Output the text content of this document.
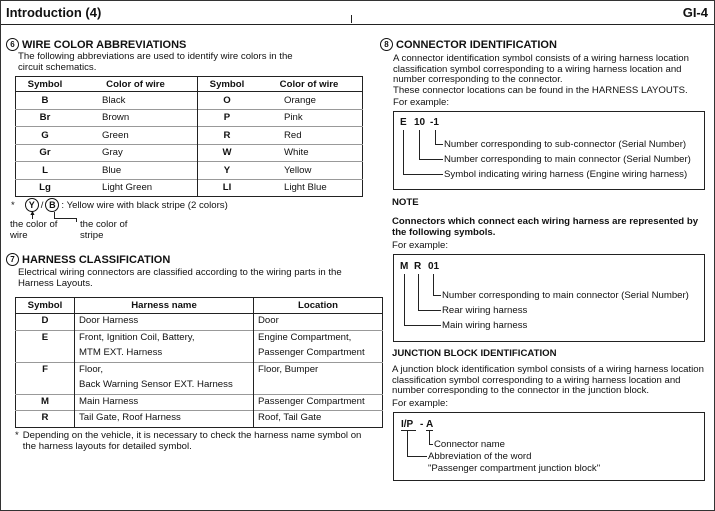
Introduction (4)	GI-4
6 WIRE COLOR ABBREVIATIONS
The following abbreviations are used to identify wire colors in the circuit schematics.
Symbol	Color of wire	Symbol	Color of wire
B	Black	O	Orange
Br	Brown	P	Pink
G	Green	R	Red
Gr	Gray	W	White
L	Blue	Y	Yellow
Lg	Light Green	LI	Light Blue
*	Y / B : Yellow wire with black stripe (2 colors)
▲
the color of
wire
the color of
stripe
7 HARNESS CLASSIFICATION
Electrical wiring connectors are classified according to the wiring parts in the Harness Layouts.
Symbol	Harness name	Location
D	Door Harness	Door
E	Front, Ignition Coil, Battery,	Engine Compartment,
	MTM EXT. Harness	Passenger Compartment
F	Floor,	Floor, Bumper
	Back Warning Sensor EXT. Harness	
M	Main Harness	Passenger Compartment
R	Tail Gate, Roof Harness	Roof, Tail Gate
* Depending on the vehicle, it is necessary to check the harness name symbol on the harness layouts for detailed symbol.
8 CONNECTOR IDENTIFICATION
A connector identification symbol consists of a wiring harness location classification symbol corresponding to a wiring harness location and number corresponding to the connector.
These connector locations can be found in the HARNESS LAYOUTS.
For example:
E 10 -1
Number corresponding to sub-connector (Serial Number)
Number corresponding to main connector (Serial Number)
Symbol indicating wiring harness (Engine wiring harness)
NOTE
Connectors which connect each wiring harness are represented by the following symbols.
For example:
M R 01
Number corresponding to main connector (Serial Number)
Rear wiring harness
Main wiring harness
JUNCTION BLOCK IDENTIFICATION
A junction block identification symbol consists of a wiring harness location classification symbol corresponding to a wiring harness location and number corresponding to the connector in the junction block.
For example:
I/P - A
Connector name
Abbreviation of the word
"Passenger compartment junction block"
